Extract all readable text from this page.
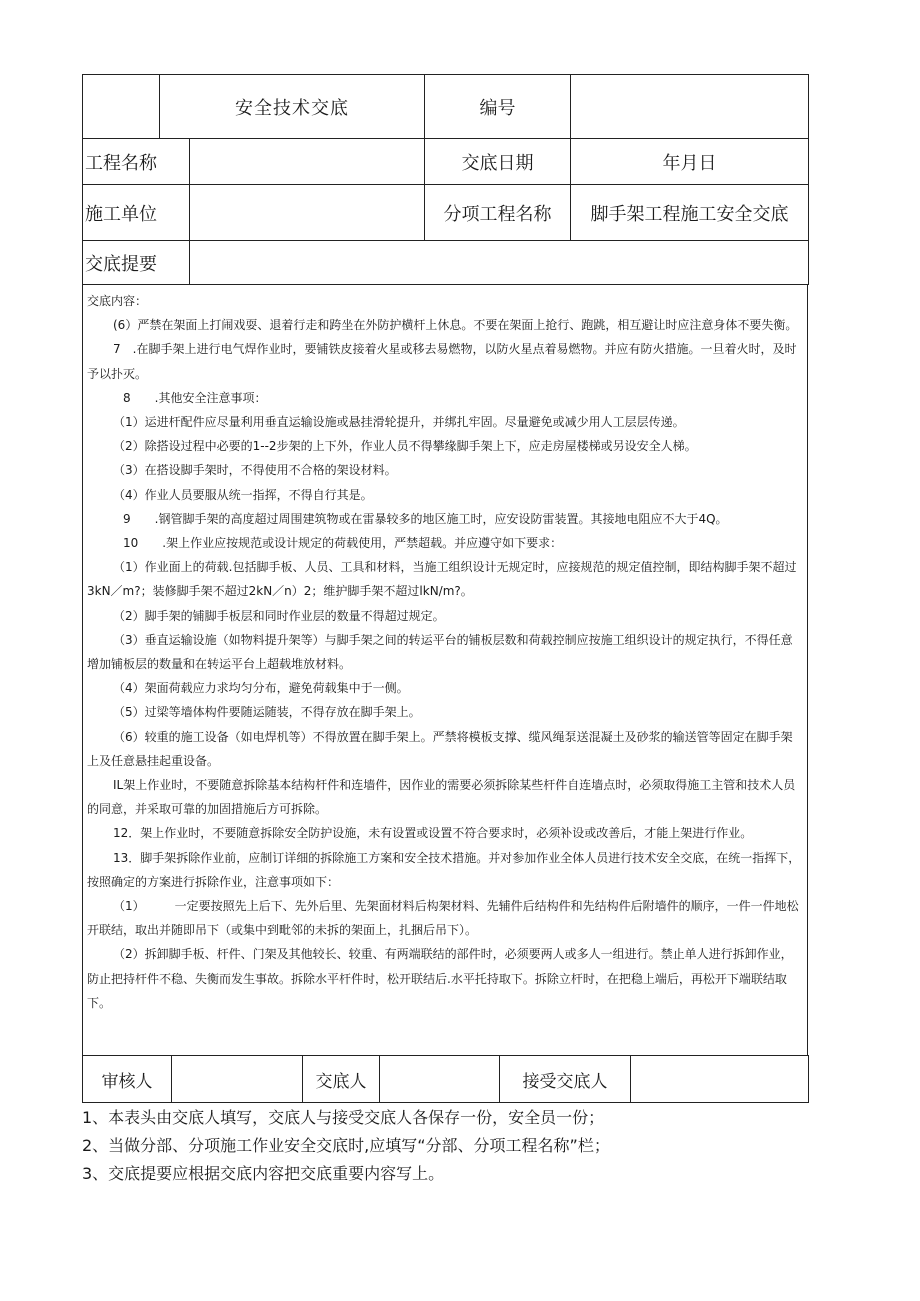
	安全技术交底		编号	
工程名称			交底日期	年月日
施工单位			分项工程名称	脚手架工程施工安全交底
交底提要				

交底内容：

(6）严禁在架面上打闹戏耍、退着行走和跨坐在外防护横杆上休息。不要在架面上抢行、跑跳，相互避让时应注意身体不要失衡。

7　.在脚手架上进行电气焊作业时，要铺铁皮接着火星或移去易燃物，以防火星点着易燃物。并应有防火措施。一旦着火时，及时予以扑灭。

8　　.其他安全注意事项：

（1）运进杆配件应尽量利用垂直运输设施或悬挂滑轮提升，并绑扎牢固。尽量避免或减少用人工层层传递。

（2）除搭设过程中必要的1--2步架的上下外，作业人员不得攀缘脚手架上下，应走房屋楼梯或另设安全人梯。

（3）在搭设脚手架时，不得使用不合格的架设材料。

（4）作业人员要服从统一指挥，不得自行其是。

9　　.钢管脚手架的高度超过周围建筑物或在雷暴较多的地区施工时，应安设防雷装置。其接地电阻应不大于4Q。

10　　.架上作业应按规范或设计规定的荷载使用，严禁超载。并应遵守如下要求：

（1）作业面上的荷载.包括脚手板、人员、工具和材料，当施工组织设计无规定时，应接规范的规定值控制，即结构脚手架不超过3kN／m?；装修脚手架不超过2kN／n）2；维护脚手架不超过lkN/m?。

（2）脚手架的铺脚手板层和同时作业层的数量不得超过规定。

（3）垂直运输设施（如物料提升架等）与脚手架之间的转运平台的铺板层数和荷载控制应按施工组织设计的规定执行，不得任意增加铺板层的数量和在转运平台上超载堆放材料。

（4）架面荷载应力求均匀分布，避免荷载集中于一侧。

（5）过梁等墙体构件要随运随装，不得存放在脚手架上。

（6）较重的施工设备（如电焊机等）不得放置在脚手架上。严禁将模板支撑、缆风绳泵送混凝土及砂浆的输送管等固定在脚手架上及任意悬挂起重设备。

IL架上作业时，不要随意拆除基本结构杆件和连墙件，因作业的需要必须拆除某些杆件自连墙点时，必须取得施工主管和技术人员的同意，并采取可靠的加固措施后方可拆除。

12．架上作业时，不要随意拆除安全防护设施，未有设置或设置不符合要求时，必须补设或改善后，才能上架进行作业。

13．脚手架拆除作业前，应制订详细的拆除施工方案和安全技术措施。并对参加作业全体人员进行技术安全交底，在统一指挥下，按照确定的方案进行拆除作业，注意事项如下：

（1）　　　一定要按照先上后下、先外后里、先架面材料后构架材料、先辅件后结构件和先结构件后附墙件的顺序，一件一件地松开联结，取出并随即吊下（或集中到毗邻的未拆的架面上，扎捆后吊下）。

（2）拆卸脚手板、杆件、门架及其他较长、较重、有两端联结的部件时，必须要两人或多人一组进行。禁止单人进行拆卸作业，防止把持杆件不稳、失衡而发生事故。拆除水平杆件时，松开联结后.水平托持取下。拆除立杆时，在把稳上端后，再松开下端联结取下。

审核人		交底人		接受交底人	

1、本表头由交底人填写，交底人与接受交底人各保存一份，安全员一份；

2、当做分部、分项施工作业安全交底时,应填写“分部、分项工程名称”栏；

3、交底提要应根据交底内容把交底重要内容写上。
